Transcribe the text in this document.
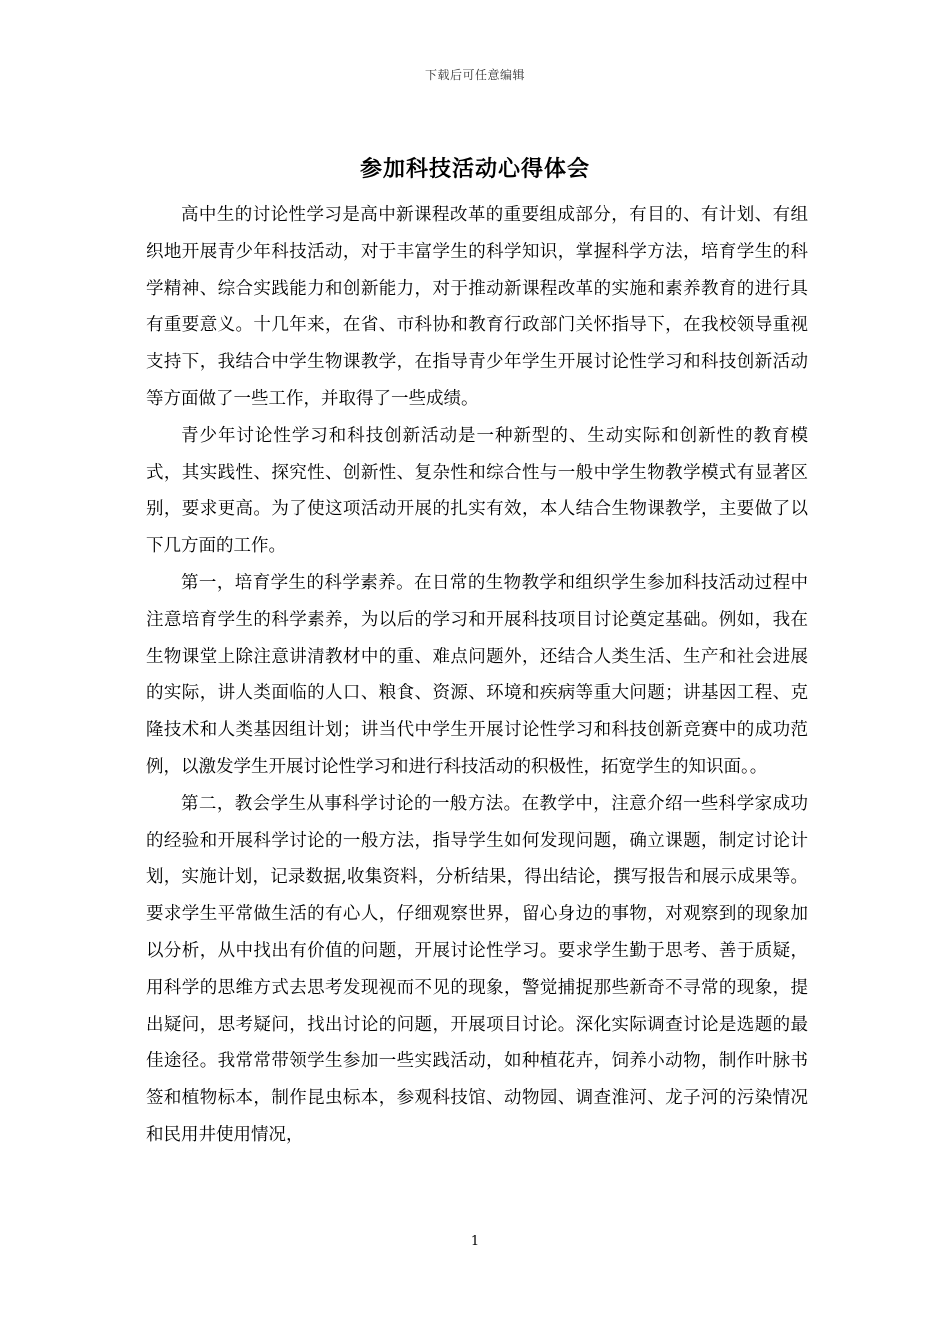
下载后可任意编辑
参加科技活动心得体会

高中生的讨论性学习是高中新课程改革的重要组成部分，有目的、有计划、有组织地开展青少年科技活动，对于丰富学生的科学知识，掌握科学方法，培育学生的科学精神、综合实践能力和创新能力，对于推动新课程改革的实施和素养教育的进行具有重要意义。十几年来，在省、市科协和教育行政部门关怀指导下，在我校领导重视支持下，我结合中学生物课教学，在指导青少年学生开展讨论性学习和科技创新活动等方面做了一些工作，并取得了一些成绩。

青少年讨论性学习和科技创新活动是一种新型的、生动实际和创新性的教育模式，其实践性、探究性、创新性、复杂性和综合性与一般中学生物教学模式有显著区别，要求更高。为了使这项活动开展的扎实有效，本人结合生物课教学，主要做了以下几方面的工作。

第一，培育学生的科学素养。在日常的生物教学和组织学生参加科技活动过程中注意培育学生的科学素养，为以后的学习和开展科技项目讨论奠定基础。例如，我在生物课堂上除注意讲清教材中的重、难点问题外，还结合人类生活、生产和社会进展的实际，讲人类面临的人口、粮食、资源、环境和疾病等重大问题；讲基因工程、克隆技术和人类基因组计划；讲当代中学生开展讨论性学习和科技创新竞赛中的成功范例，以激发学生开展讨论性学习和进行科技活动的积极性，拓宽学生的知识面。。

第二，教会学生从事科学讨论的一般方法。在教学中，注意介绍一些科学家成功的经验和开展科学讨论的一般方法，指导学生如何发现问题，确立课题，制定讨论计划，实施计划，记录数据,收集资料，分析结果，得出结论，撰写报告和展示成果等。要求学生平常做生活的有心人，仔细观察世界，留心身边的事物，对观察到的现象加以分析，从中找出有价值的问题，开展讨论性学习。要求学生勤于思考、善于质疑，用科学的思维方式去思考发现视而不见的现象，警觉捕捉那些新奇不寻常的现象，提出疑问，思考疑问，找出讨论的问题，开展项目讨论。深化实际调查讨论是选题的最佳途径。我常常带领学生参加一些实践活动，如种植花卉，饲养小动物，制作叶脉书签和植物标本，制作昆虫标本，参观科技馆、动物园、调查淮河、龙子河的污染情况和民用井使用情况，

1
